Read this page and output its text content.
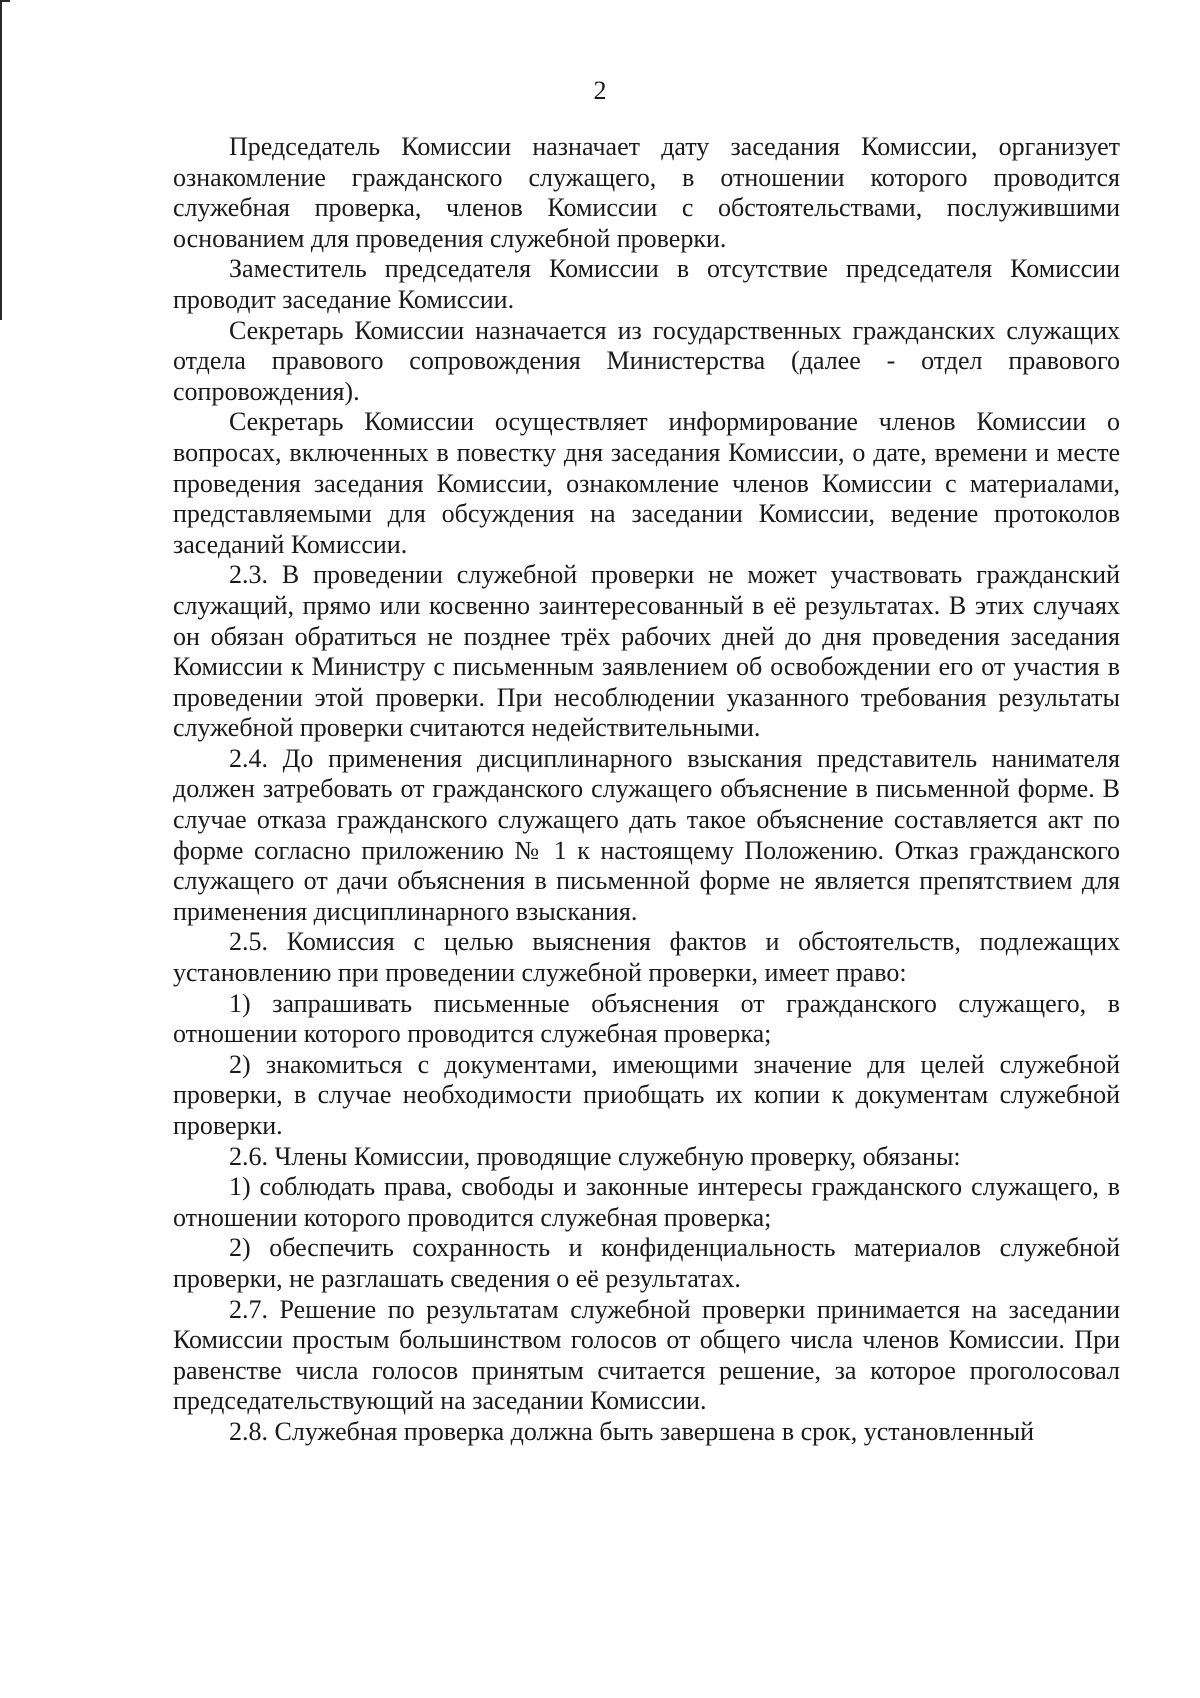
2

Председатель Комиссии назначает дату заседания Комиссии, организует ознакомление гражданского служащего, в отношении которого проводится служебная проверка, членов Комиссии с обстоятельствами, послужившими основанием для проведения служебной проверки.

Заместитель председателя Комиссии в отсутствие председателя Комиссии проводит заседание Комиссии.

Секретарь Комиссии назначается из государственных гражданских служащих отдела правового сопровождения Министерства (далее - отдел правового сопровождения).

Секретарь Комиссии осуществляет информирование членов Комиссии о вопросах, включенных в повестку дня заседания Комиссии, о дате, времени и месте проведения заседания Комиссии, ознакомление членов Комиссии с материалами, представляемыми для обсуждения на заседании Комиссии, ведение протоколов заседаний Комиссии.

2.3. В проведении служебной проверки не может участвовать гражданский служащий, прямо или косвенно заинтересованный в её результатах. В этих случаях он обязан обратиться не позднее трёх рабочих дней до дня проведения заседания Комиссии к Министру с письменным заявлением об освобождении его от участия в проведении этой проверки. При несоблюдении указанного требования результаты служебной проверки считаются недействительными.

2.4. До применения дисциплинарного взыскания представитель нанимателя должен затребовать от гражданского служащего объяснение в письменной форме. В случае отказа гражданского служащего дать такое объяснение составляется акт по форме согласно приложению № 1 к настоящему Положению. Отказ гражданского служащего от дачи объяснения в письменной форме не является препятствием для применения дисциплинарного взыскания.

2.5. Комиссия с целью выяснения фактов и обстоятельств, подлежащих установлению при проведении служебной проверки, имеет право:

1) запрашивать письменные объяснения от гражданского служащего, в отношении которого проводится служебная проверка;

2) знакомиться с документами, имеющими значение для целей служебной проверки, в случае необходимости приобщать их копии к документам служебной проверки.

2.6. Члены Комиссии, проводящие служебную проверку, обязаны:

1) соблюдать права, свободы и законные интересы гражданского служащего, в отношении которого проводится служебная проверка;

2) обеспечить сохранность и конфиденциальность материалов служебной проверки, не разглашать сведения о её результатах.

2.7. Решение по результатам служебной проверки принимается на заседании Комиссии простым большинством голосов от общего числа членов Комиссии. При равенстве числа голосов принятым считается решение, за которое проголосовал председательствующий на заседании Комиссии.

2.8. Служебная проверка должна быть завершена в срок, установленный
